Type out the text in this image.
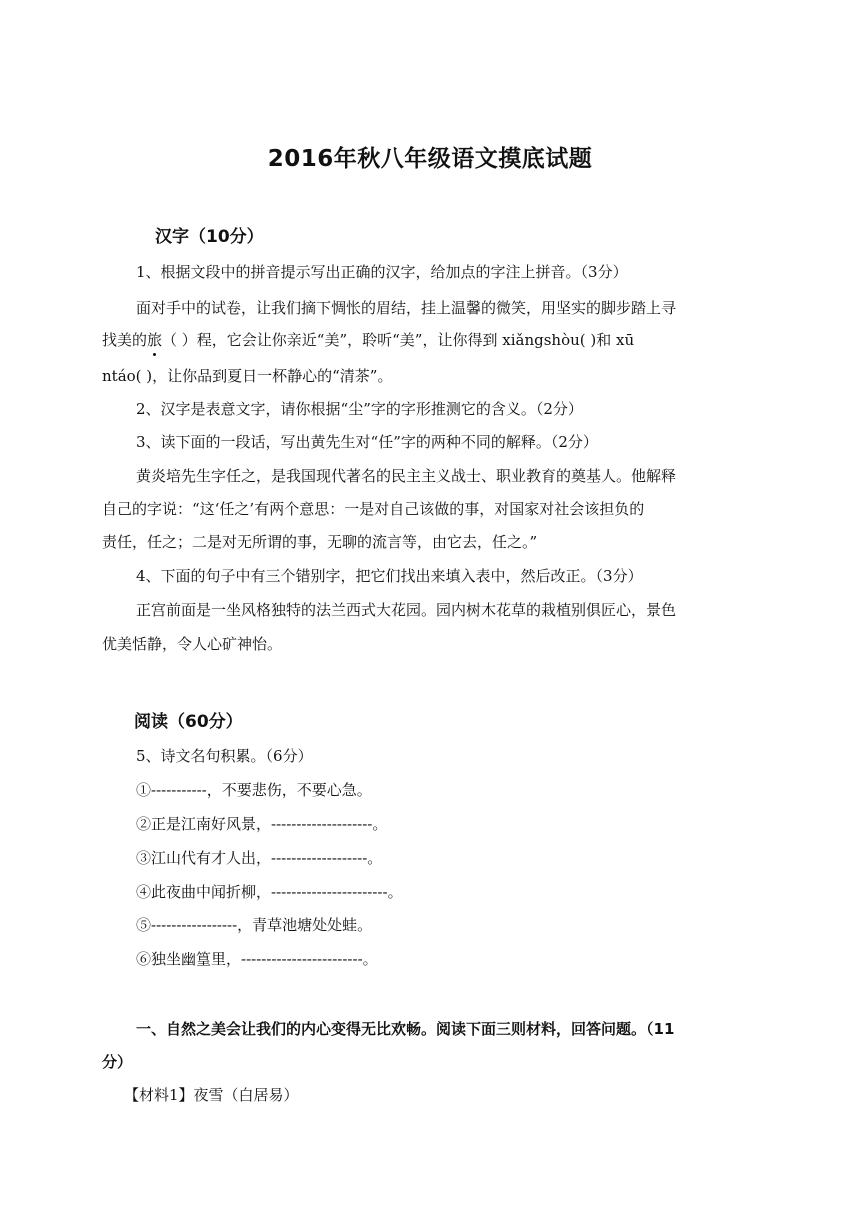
2016年秋八年级语文摸底试题
汉字（10分）
1、根据文段中的拼音提示写出正确的汉字，给加点的字注上拼音。（3分）
面对手中的试卷，让我们摘下惆怅的眉结，挂上温馨的微笑，用坚实的脚步踏上寻
找美的旅（ ）程，它会让你亲近“美”，聆听“美”，让你得到 xiǎngshòu( )和 xū
ntáo( )，让你品到夏日一杯静心的“清茶”。
2、汉字是表意文字，请你根据“尘”字的字形推测它的含义。（2分）
3、读下面的一段话，写出黄先生对“任”字的两种不同的解释。（2分）
黄炎培先生字任之，是我国现代著名的民主主义战士、职业教育的奠基人。他解释
自己的字说：“这‘任之’有两个意思：一是对自己该做的事，对国家对社会该担负的
责任，任之；二是对无所谓的事，无聊的流言等，由它去，任之。”
4、下面的句子中有三个错别字，把它们找出来填入表中，然后改正。（3分）
正宫前面是一坐风格独特的法兰西式大花园。园内树木花草的栽植别俱匠心，景色
优美恬静，令人心矿神怡。
阅读（60分）
5、诗文名句积累。（6分）
①-----------，不要悲伤，不要心急。
②正是江南好风景，--------------------。
③江山代有才人出，-------------------。
④此夜曲中闻折柳，-----------------------。
⑤-----------------，青草池塘处处蛙。
⑥独坐幽篁里，------------------------。
一、自然之美会让我们的内心变得无比欢畅。阅读下面三则材料，回答问题。（11
分）
【材料1】夜雪（白居易）
